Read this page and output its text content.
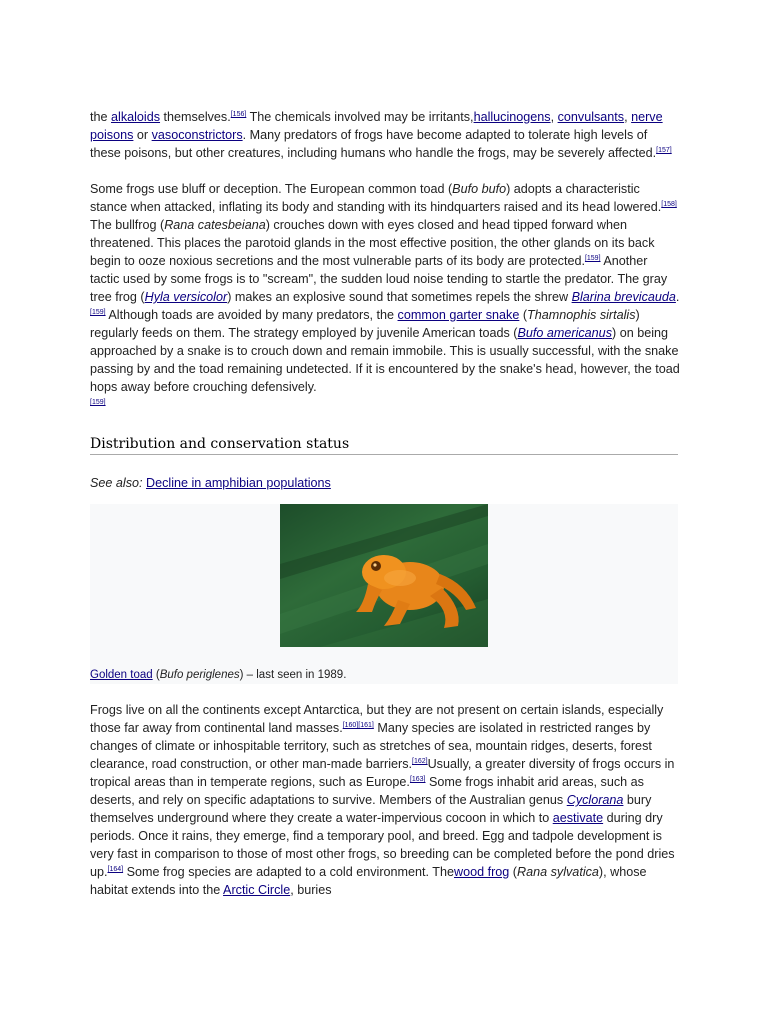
the alkaloids themselves.[156] The chemicals involved may be irritants,hallucinogens, convulsants, nerve poisons or vasoconstrictors. Many predators of frogs have become adapted to tolerate high levels of these poisons, but other creatures, including humans who handle the frogs, may be severely affected.[157]

Some frogs use bluff or deception. The European common toad (Bufo bufo) adopts a characteristic stance when attacked, inflating its body and standing with its hindquarters raised and its head lowered.[158] The bullfrog (Rana catesbeiana) crouches down with eyes closed and head tipped forward when threatened. This places the parotoid glands in the most effective position, the other glands on its back begin to ooze noxious secretions and the most vulnerable parts of its body are protected.[159] Another tactic used by some frogs is to "scream", the sudden loud noise tending to startle the predator. The gray tree frog (Hyla versicolor) makes an explosive sound that sometimes repels the shrew Blarina brevicauda.[159] Although toads are avoided by many predators, the common garter snake (Thamnophis sirtalis) regularly feeds on them. The strategy employed by juvenile American toads (Bufo americanus) on being approached by a snake is to crouch down and remain immobile. This is usually successful, with the snake passing by and the toad remaining undetected. If it is encountered by the snake's head, however, the toad hops away before crouching defensively.
[159]

Distribution and conservation status
See also: Decline in amphibian populations
Golden toad (Bufo periglenes) – last seen in 1989.

Frogs live on all the continents except Antarctica, but they are not present on certain islands, especially those far away from continental land masses.[160][161] Many species are isolated in restricted ranges by changes of climate or inhospitable territory, such as stretches of sea, mountain ridges, deserts, forest clearance, road construction, or other man-made barriers.[162]Usually, a greater diversity of frogs occurs in tropical areas than in temperate regions, such as Europe.[163] Some frogs inhabit arid areas, such as deserts, and rely on specific adaptations to survive. Members of the Australian genus Cyclorana bury themselves underground where they create a water-impervious cocoon in which to aestivate during dry periods. Once it rains, they emerge, find a temporary pool, and breed. Egg and tadpole development is very fast in comparison to those of most other frogs, so breeding can be completed before the pond dries up.[164] Some frog species are adapted to a cold environment. Thewood frog (Rana sylvatica), whose habitat extends into the Arctic Circle, buries
